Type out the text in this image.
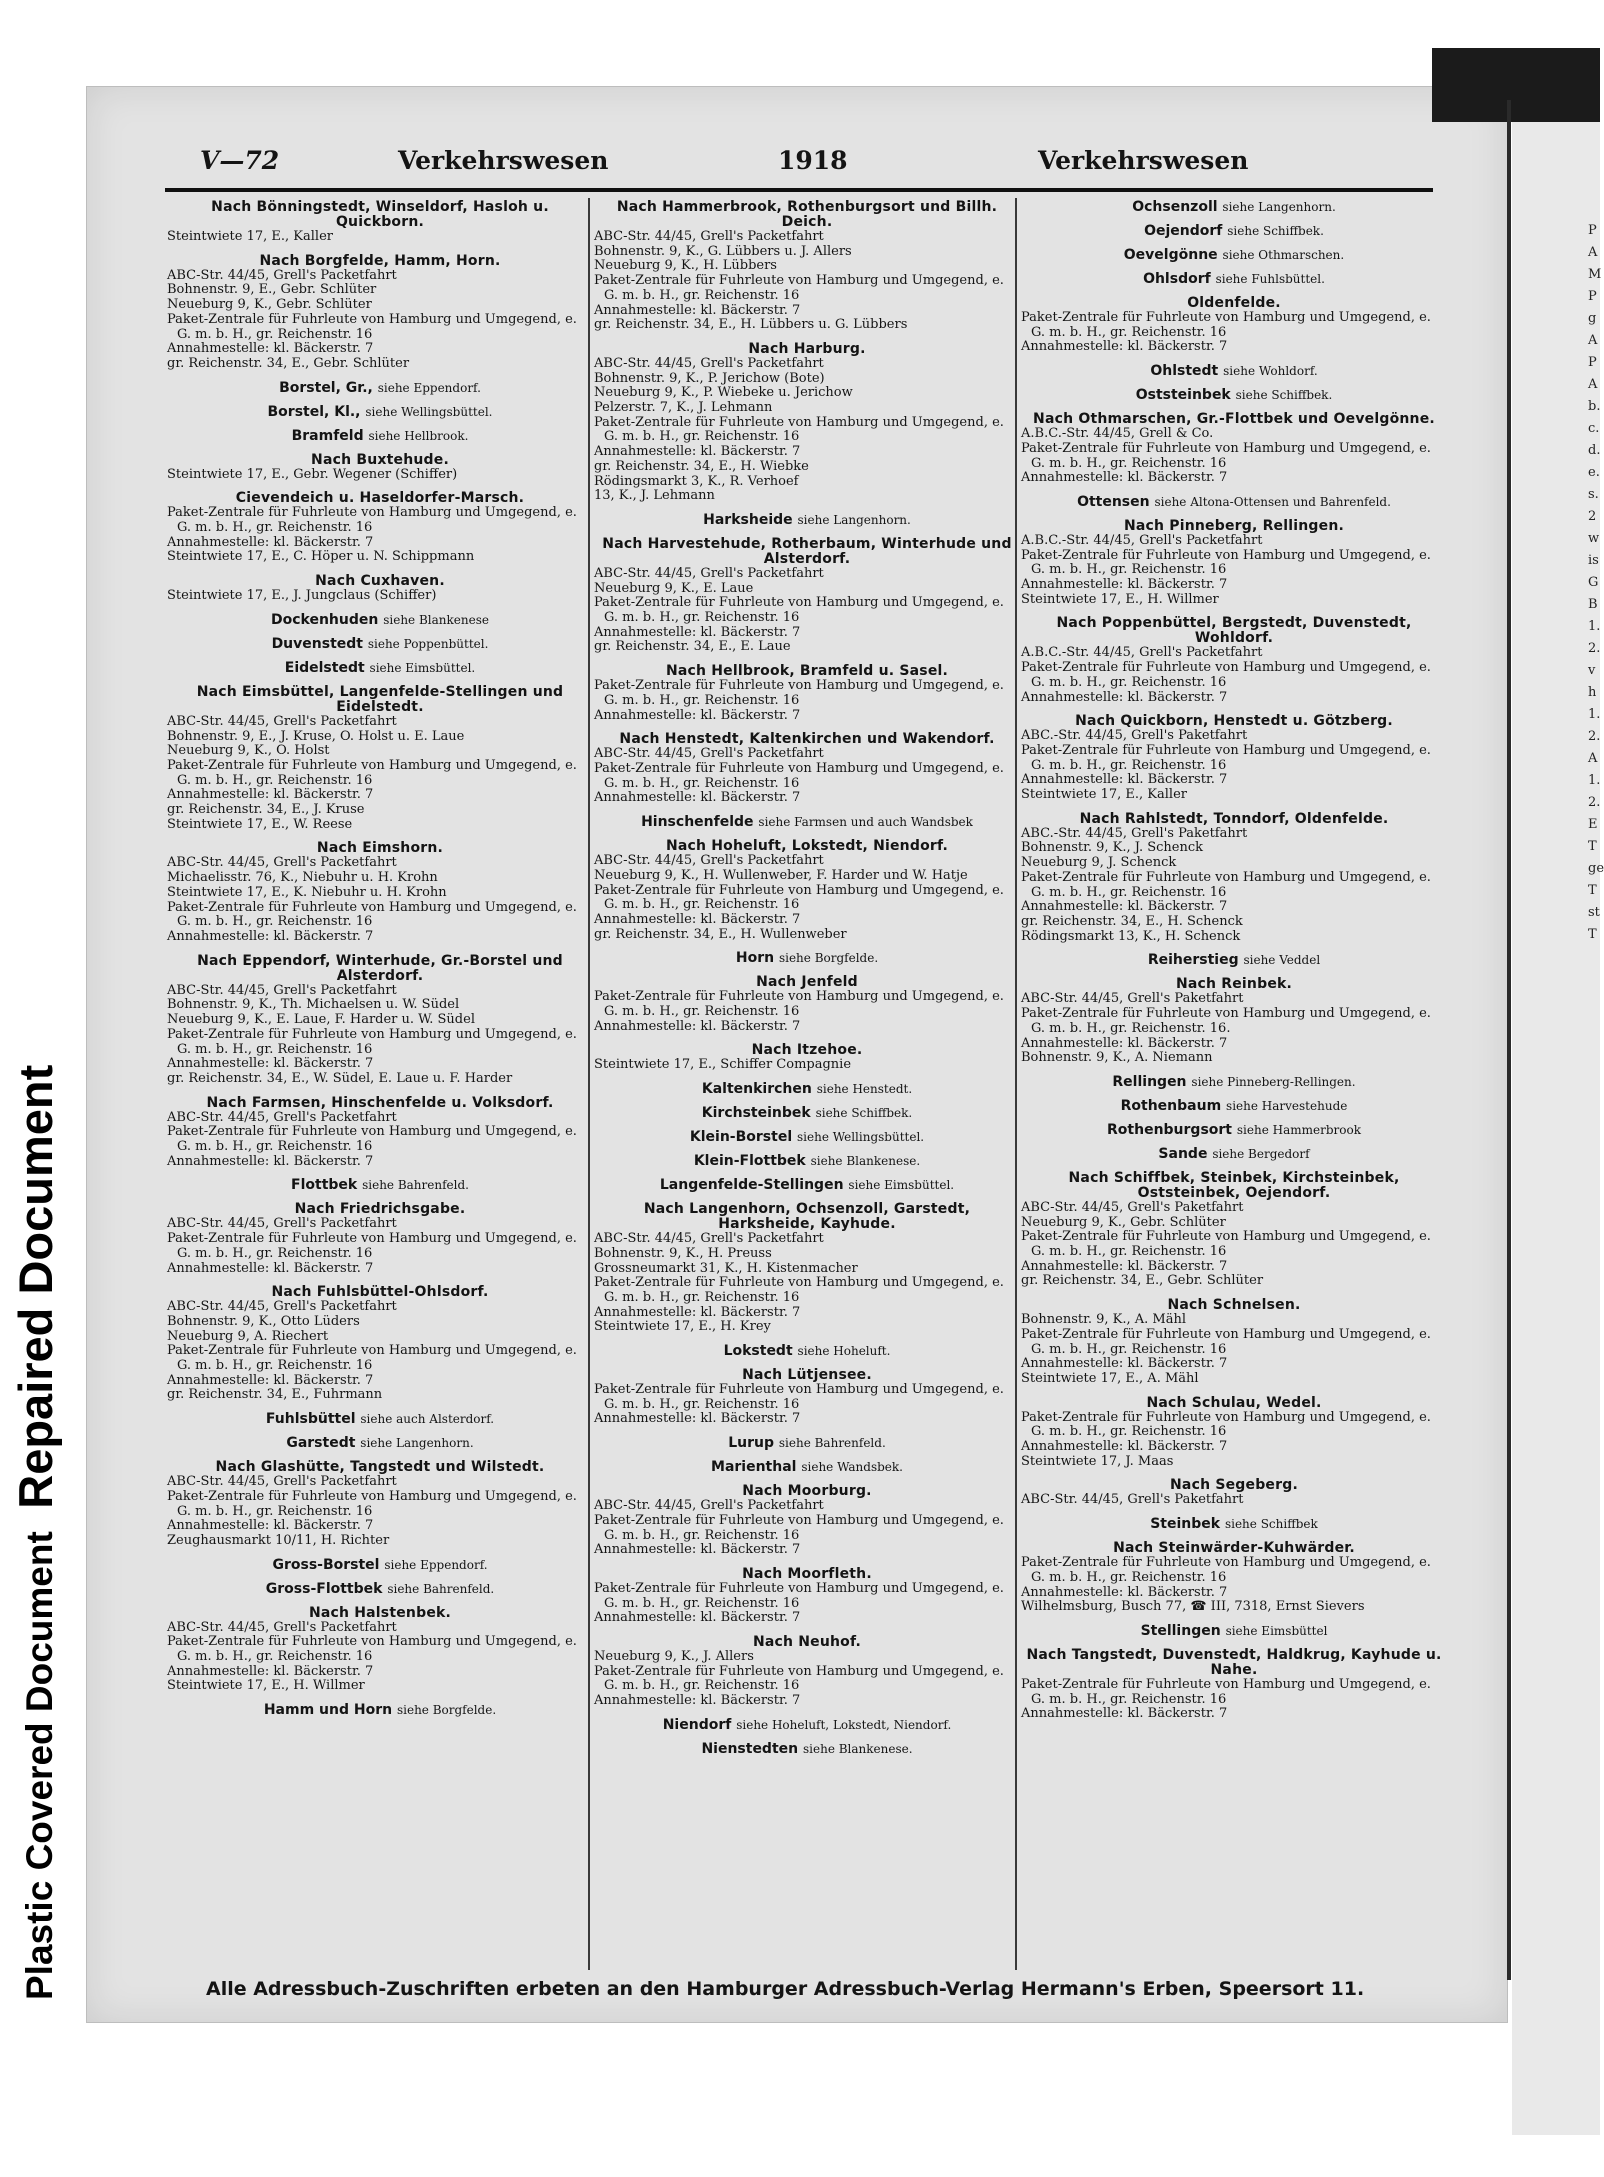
Plastic Covered Document Repaired Document
P
A
M
P
g
A
P
A
b.
c.
d.
e.
s.
2
w
is
G
B
1.
2.
v
h
1.
2.
A
1.
2.
E
T
ge
T
st
T
V—72	Verkehrswesen	1918	Verkehrswesen
Nach Bönningstedt, Winseldorf, Hasloh u. Quickborn.
Steintwiete 17, E., Kaller
Nach Borgfelde, Hamm, Horn.
ABC-Str. 44/45, Grell's Packetfahrt
Bohnenstr. 9, E., Gebr. Schlüter
Neueburg 9, K., Gebr. Schlüter
Paket-Zentrale für Fuhrleute von Hamburg und Umgegend, e. G. m. b. H., gr. Reichenstr. 16
Annahmestelle: kl. Bäckerstr. 7
gr. Reichenstr. 34, E., Gebr. Schlüter
Borstel, Gr., siehe Eppendorf.
Borstel, Kl., siehe Wellingsbüttel.
Bramfeld siehe Hellbrook.
Nach Buxtehude.
Steintwiete 17, E., Gebr. Wegener (Schiffer)
Cievendeich u. Haseldorfer-Marsch.
Paket-Zentrale für Fuhrleute von Hamburg und Umgegend, e. G. m. b. H., gr. Reichenstr. 16
Annahmestelle: kl. Bäckerstr. 7
Steintwiete 17, E., C. Höper u. N. Schippmann
Nach Cuxhaven.
Steintwiete 17, E., J. Jungclaus (Schiffer)
Dockenhuden siehe Blankenese
Duvenstedt siehe Poppenbüttel.
Eidelstedt siehe Eimsbüttel.
Nach Eimsbüttel, Langenfelde-Stellingen und Eidelstedt.
ABC-Str. 44/45, Grell's Packetfahrt
Bohnenstr. 9, E., J. Kruse, O. Holst u. E. Laue
Neueburg 9, K., O. Holst
Paket-Zentrale für Fuhrleute von Hamburg und Umgegend, e. G. m. b. H., gr. Reichenstr. 16
Annahmestelle: kl. Bäckerstr. 7
gr. Reichenstr. 34, E., J. Kruse
Steintwiete 17, E., W. Reese
Nach Eimshorn.
ABC-Str. 44/45, Grell's Packetfahrt
Michaelisstr. 76, K., Niebuhr u. H. Krohn
Steintwiete 17, E., K. Niebuhr u. H. Krohn
Paket-Zentrale für Fuhrleute von Hamburg und Umgegend, e. G. m. b. H., gr. Reichenstr. 16
Annahmestelle: kl. Bäckerstr. 7
Nach Eppendorf, Winterhude, Gr.-Borstel und Alsterdorf.
ABC-Str. 44/45, Grell's Packetfahrt
Bohnenstr. 9, K., Th. Michaelsen u. W. Südel
Neueburg 9, K., E. Laue, F. Harder u. W. Südel
Paket-Zentrale für Fuhrleute von Hamburg und Umgegend, e. G. m. b. H., gr. Reichenstr. 16
Annahmestelle: kl. Bäckerstr. 7
gr. Reichenstr. 34, E., W. Südel, E. Laue u. F. Harder
Nach Farmsen, Hinschenfelde u. Volksdorf.
ABC-Str. 44/45, Grell's Packetfahrt
Paket-Zentrale für Fuhrleute von Hamburg und Umgegend, e. G. m. b. H., gr. Reichenstr. 16
Annahmestelle: kl. Bäckerstr. 7
Flottbek siehe Bahrenfeld.
Nach Friedrichsgabe.
ABC-Str. 44/45, Grell's Packetfahrt
Paket-Zentrale für Fuhrleute von Hamburg und Umgegend, e. G. m. b. H., gr. Reichenstr. 16
Annahmestelle: kl. Bäckerstr. 7
Nach Fuhlsbüttel-Ohlsdorf.
ABC-Str. 44/45, Grell's Packetfahrt
Bohnenstr. 9, K., Otto Lüders
Neueburg 9, A. Riechert
Paket-Zentrale für Fuhrleute von Hamburg und Umgegend, e. G. m. b. H., gr. Reichenstr. 16
Annahmestelle: kl. Bäckerstr. 7
gr. Reichenstr. 34, E., Fuhrmann
Fuhlsbüttel siehe auch Alsterdorf.
Garstedt siehe Langenhorn.
Nach Glashütte, Tangstedt und Wilstedt.
ABC-Str. 44/45, Grell's Packetfahrt
Paket-Zentrale für Fuhrleute von Hamburg und Umgegend, e. G. m. b. H., gr. Reichenstr. 16
Annahmestelle: kl. Bäckerstr. 7
Zeughausmarkt 10/11, H. Richter
Gross-Borstel siehe Eppendorf.
Gross-Flottbek siehe Bahrenfeld.
Nach Halstenbek.
ABC-Str. 44/45, Grell's Packetfahrt
Paket-Zentrale für Fuhrleute von Hamburg und Umgegend, e. G. m. b. H., gr. Reichenstr. 16
Annahmestelle: kl. Bäckerstr. 7
Steintwiete 17, E., H. Willmer
Hamm und Horn siehe Borgfelde.
Nach Hammerbrook, Rothenburgsort und Billh. Deich.
ABC-Str. 44/45, Grell's Packetfahrt
Bohnenstr. 9, K., G. Lübbers u. J. Allers
Neueburg 9, K., H. Lübbers
Paket-Zentrale für Fuhrleute von Hamburg und Umgegend, e. G. m. b. H., gr. Reichenstr. 16
Annahmestelle: kl. Bäckerstr. 7
gr. Reichenstr. 34, E., H. Lübbers u. G. Lübbers
Nach Harburg.
ABC-Str. 44/45, Grell's Packetfahrt
Bohnenstr. 9, K., P. Jerichow (Bote)
Neueburg 9, K., P. Wiebeke u. Jerichow
Pelzerstr. 7, K., J. Lehmann
Paket-Zentrale für Fuhrleute von Hamburg und Umgegend, e. G. m. b. H., gr. Reichenstr. 16
Annahmestelle: kl. Bäckerstr. 7
gr. Reichenstr. 34, E., H. Wiebke
Rödingsmarkt 3, K., R. Verhoef
13, K., J. Lehmann
Harksheide siehe Langenhorn.
Nach Harvestehude, Rotherbaum, Winterhude und Alsterdorf.
ABC-Str. 44/45, Grell's Packetfahrt
Neueburg 9, K., E. Laue
Paket-Zentrale für Fuhrleute von Hamburg und Umgegend, e. G. m. b. H., gr. Reichenstr. 16
Annahmestelle: kl. Bäckerstr. 7
gr. Reichenstr. 34, E., E. Laue
Nach Hellbrook, Bramfeld u. Sasel.
Paket-Zentrale für Fuhrleute von Hamburg und Umgegend, e. G. m. b. H., gr. Reichenstr. 16
Annahmestelle: kl. Bäckerstr. 7
Nach Henstedt, Kaltenkirchen und Wakendorf.
ABC-Str. 44/45, Grell's Packetfahrt
Paket-Zentrale für Fuhrleute von Hamburg und Umgegend, e. G. m. b. H., gr. Reichenstr. 16
Annahmestelle: kl. Bäckerstr. 7
Hinschenfelde siehe Farmsen und auch Wandsbek
Nach Hoheluft, Lokstedt, Niendorf.
ABC-Str. 44/45, Grell's Packetfahrt
Neueburg 9, K., H. Wullenweber, F. Harder und W. Hatje
Paket-Zentrale für Fuhrleute von Hamburg und Umgegend, e. G. m. b. H., gr. Reichenstr. 16
Annahmestelle: kl. Bäckerstr. 7
gr. Reichenstr. 34, E., H. Wullenweber
Horn siehe Borgfelde.
Nach Jenfeld
Paket-Zentrale für Fuhrleute von Hamburg und Umgegend, e. G. m. b. H., gr. Reichenstr. 16
Annahmestelle: kl. Bäckerstr. 7
Nach Itzehoe.
Steintwiete 17, E., Schiffer Compagnie
Kaltenkirchen siehe Henstedt.
Kirchsteinbek siehe Schiffbek.
Klein-Borstel siehe Wellingsbüttel.
Klein-Flottbek siehe Blankenese.
Langenfelde-Stellingen siehe Eimsbüttel.
Nach Langenhorn, Ochsenzoll, Garstedt, Harksheide, Kayhude.
ABC-Str. 44/45, Grell's Packetfahrt
Bohnenstr. 9, K., H. Preuss
Grossneumarkt 31, K., H. Kistenmacher
Paket-Zentrale für Fuhrleute von Hamburg und Umgegend, e. G. m. b. H., gr. Reichenstr. 16
Annahmestelle: kl. Bäckerstr. 7
Steintwiete 17, E., H. Krey
Lokstedt siehe Hoheluft.
Nach Lütjensee.
Paket-Zentrale für Fuhrleute von Hamburg und Umgegend, e. G. m. b. H., gr. Reichenstr. 16
Annahmestelle: kl. Bäckerstr. 7
Lurup siehe Bahrenfeld.
Marienthal siehe Wandsbek.
Nach Moorburg.
ABC-Str. 44/45, Grell's Packetfahrt
Paket-Zentrale für Fuhrleute von Hamburg und Umgegend, e. G. m. b. H., gr. Reichenstr. 16
Annahmestelle: kl. Bäckerstr. 7
Nach Moorfleth.
Paket-Zentrale für Fuhrleute von Hamburg und Umgegend, e. G. m. b. H., gr. Reichenstr. 16
Annahmestelle: kl. Bäckerstr. 7
Nach Neuhof.
Neueburg 9, K., J. Allers
Paket-Zentrale für Fuhrleute von Hamburg und Umgegend, e. G. m. b. H., gr. Reichenstr. 16
Annahmestelle: kl. Bäckerstr. 7
Niendorf siehe Hoheluft, Lokstedt, Niendorf.
Nienstedten siehe Blankenese.
Ochsenzoll siehe Langenhorn.
Oejendorf siehe Schiffbek.
Oevelgönne siehe Othmarschen.
Ohlsdorf siehe Fuhlsbüttel.
Oldenfelde.
Paket-Zentrale für Fuhrleute von Hamburg und Umgegend, e. G. m. b. H., gr. Reichenstr. 16
Annahmestelle: kl. Bäckerstr. 7
Ohlstedt siehe Wohldorf.
Oststeinbek siehe Schiffbek.
Nach Othmarschen, Gr.-Flottbek und Oevelgönne.
A.B.C.-Str. 44/45, Grell & Co.
Paket-Zentrale für Fuhrleute von Hamburg und Umgegend, e. G. m. b. H., gr. Reichenstr. 16
Annahmestelle: kl. Bäckerstr. 7
Ottensen siehe Altona-Ottensen und Bahrenfeld.
Nach Pinneberg, Rellingen.
A.B.C.-Str. 44/45, Grell's Packetfahrt
Paket-Zentrale für Fuhrleute von Hamburg und Umgegend, e. G. m. b. H., gr. Reichenstr. 16
Annahmestelle: kl. Bäckerstr. 7
Steintwiete 17, E., H. Willmer
Nach Poppenbüttel, Bergstedt, Duvenstedt, Wohldorf.
A.B.C.-Str. 44/45, Grell's Packetfahrt
Paket-Zentrale für Fuhrleute von Hamburg und Umgegend, e. G. m. b. H., gr. Reichenstr. 16
Annahmestelle: kl. Bäckerstr. 7
Nach Quickborn, Henstedt u. Götzberg.
ABC.-Str. 44/45, Grell's Paketfahrt
Paket-Zentrale für Fuhrleute von Hamburg und Umgegend, e. G. m. b. H., gr. Reichenstr. 16
Annahmestelle: kl. Bäckerstr. 7
Steintwiete 17, E., Kaller
Nach Rahlstedt, Tonndorf, Oldenfelde.
ABC.-Str. 44/45, Grell's Paketfahrt
Bohnenstr. 9, K., J. Schenck
Neueburg 9, J. Schenck
Paket-Zentrale für Fuhrleute von Hamburg und Umgegend, e. G. m. b. H., gr. Reichenstr. 16
Annahmestelle: kl. Bäckerstr. 7
gr. Reichenstr. 34, E., H. Schenck
Rödingsmarkt 13, K., H. Schenck
Reiherstieg siehe Veddel
Nach Reinbek.
ABC-Str. 44/45, Grell's Paketfahrt
Paket-Zentrale für Fuhrleute von Hamburg und Umgegend, e. G. m. b. H., gr. Reichenstr. 16.
Annahmestelle: kl. Bäckerstr. 7
Bohnenstr. 9, K., A. Niemann
Rellingen siehe Pinneberg-Rellingen.
Rothenbaum siehe Harvestehude
Rothenburgsort siehe Hammerbrook
Sande siehe Bergedorf
Nach Schiffbek, Steinbek, Kirchsteinbek, Oststeinbek, Oejendorf.
ABC-Str. 44/45, Grell's Paketfahrt
Neueburg 9, K., Gebr. Schlüter
Paket-Zentrale für Fuhrleute von Hamburg und Umgegend, e. G. m. b. H., gr. Reichenstr. 16
Annahmestelle: kl. Bäckerstr. 7
gr. Reichenstr. 34, E., Gebr. Schlüter
Nach Schnelsen.
Bohnenstr. 9, K., A. Mähl
Paket-Zentrale für Fuhrleute von Hamburg und Umgegend, e. G. m. b. H., gr. Reichenstr. 16
Annahmestelle: kl. Bäckerstr. 7
Steintwiete 17, E., A. Mähl
Nach Schulau, Wedel.
Paket-Zentrale für Fuhrleute von Hamburg und Umgegend, e. G. m. b. H., gr. Reichenstr. 16
Annahmestelle: kl. Bäckerstr. 7
Steintwiete 17, J. Maas
Nach Segeberg.
ABC-Str. 44/45, Grell's Paketfahrt
Steinbek siehe Schiffbek
Nach Steinwärder-Kuhwärder.
Paket-Zentrale für Fuhrleute von Hamburg und Umgegend, e. G. m. b. H., gr. Reichenstr. 16
Annahmestelle: kl. Bäckerstr. 7
Wilhelmsburg, Busch 77, ☎ III, 7318, Ernst Sievers
Stellingen siehe Eimsbüttel
Nach Tangstedt, Duvenstedt, Haldkrug, Kayhude u. Nahe.
Paket-Zentrale für Fuhrleute von Hamburg und Umgegend, e. G. m. b. H., gr. Reichenstr. 16
Annahmestelle: kl. Bäckerstr. 7
Alle Adressbuch-Zuschriften erbeten an den Hamburger Adressbuch-Verlag Hermann's Erben, Speersort 11.
